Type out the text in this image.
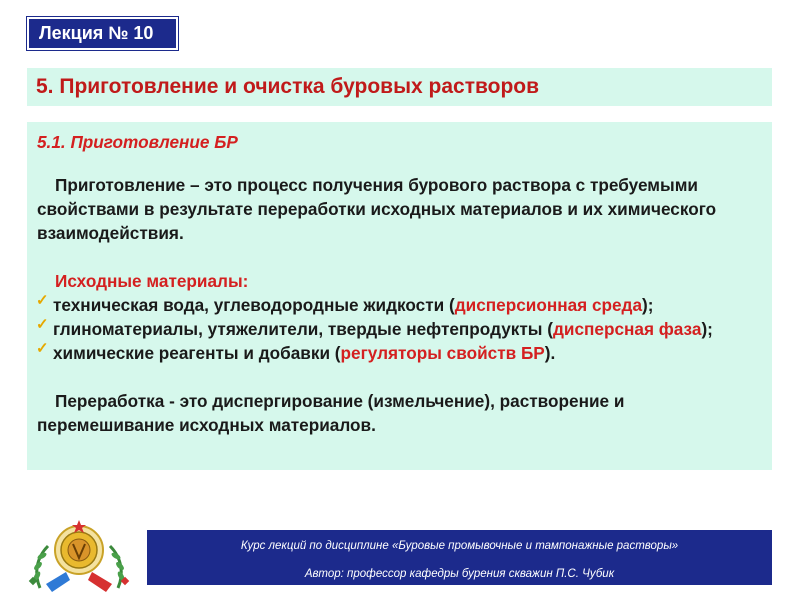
Лекция № 10
5. Приготовление и очистка буровых растворов
5.1. Приготовление БР

Приготовление – это процесс получения бурового раствора с требуемыми свойствами в результате переработки исходных материалов и их химического взаимодействия.

Исходные материалы:
✓ техническая вода, углеводородные жидкости (дисперсионная среда);
✓ глиноматериалы, утяжелители, твердые нефтепродукты (дисперсная фаза);
✓ химические реагенты и добавки (регуляторы свойств БР).

Переработка - это диспергирование (измельчение), растворение и перемешивание исходных материалов.

Курс лекций по дисциплине «Буровые промывочные и тампонажные растворы»
Автор: профессор кафедры бурения скважин П.С. Чубик
